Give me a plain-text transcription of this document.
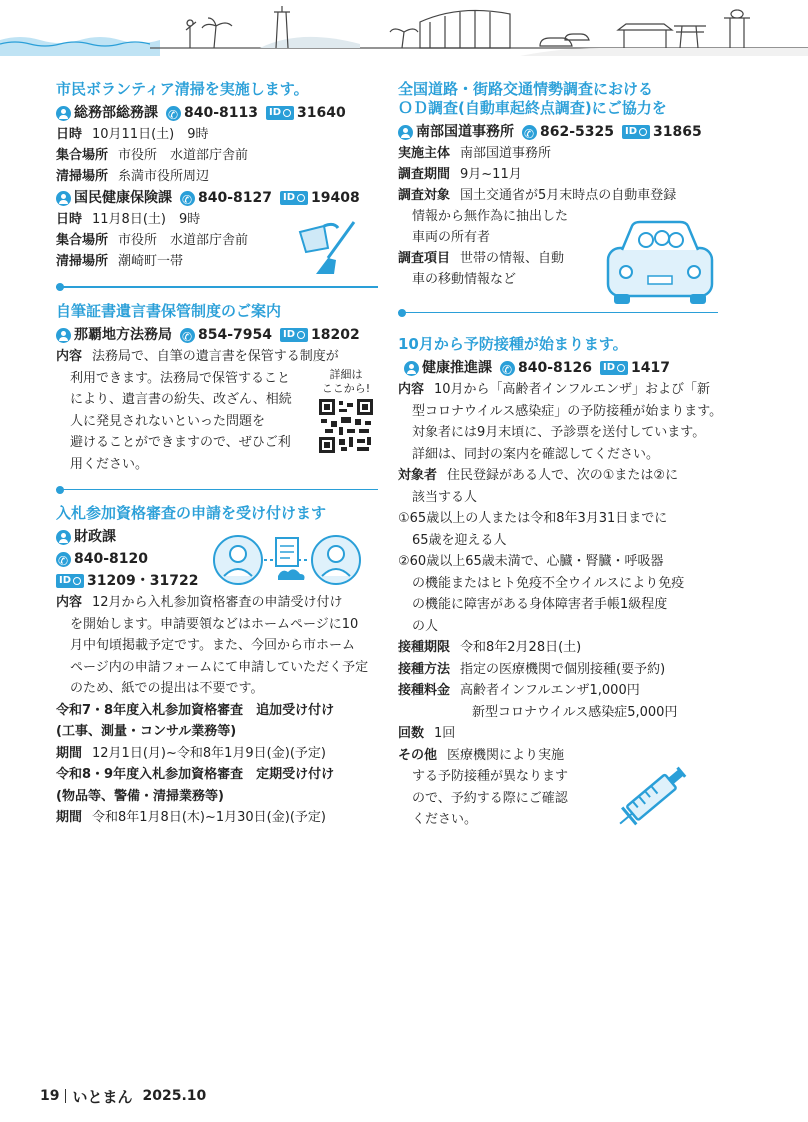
市民ボランティア清掃を実施します。
総務部総務課 ✆ 840-8113 ID 31640
日時 10月11日(土)　9時
集合場所 市役所　水道部庁舎前
清掃場所 糸満市役所周辺
国民健康保険課 ✆ 840-8127 ID 19408
日時 11月8日(土)　9時
集合場所 市役所　水道部庁舎前
清掃場所 潮崎町一帯
自筆証書遺言書保管制度のご案内
那覇地方法務局 ✆ 854-7954 ID 18202
内容 法務局で、自筆の遺言書を保管する制度が
利用できます。法務局で保管すること
により、遺言書の紛失、改ざん、相続
人に発見されないといった問題を
避けることができますので、ぜひご利
用ください。
詳細は
ここから!
入札参加資格審査の申請を受け付けます
財政課
✆
840-8120
ID 31209・31722
内容 12月から入札参加資格審査の申請受け付け
を開始します。申請要領などはホームページに10
月中旬頃掲載予定です。また、今回から市ホーム
ページ内の申請フォームにて申請していただく予定
のため、紙での提出は不要です。
令和7・8年度入札参加資格審査　追加受け付け
(工事、測量・コンサル業務等)
期間 12月1日(月)~令和8年1月9日(金)(予定)
令和8・9年度入札参加資格審査　定期受け付け
(物品等、警備・清掃業務等)
期間 令和8年1月8日(木)~1月30日(金)(予定)
全国道路・街路交通情勢調査における
ＯＤ調査(自動車起終点調査)にご協力を
南部国道事務所 ✆ 862-5325 ID 31865
実施主体 南部国道事務所
調査期間 9月~11月
調査対象 国土交通省が5月末時点の自動車登録
情報から無作為に抽出した
車両の所有者
調査項目 世帯の情報、自動
車の移動情報など
10月から予防接種が始まります。
健康推進課 ✆ 840-8126 ID 1417
内容 10月から「高齢者インフルエンザ」および「新
型コロナウイルス感染症」の予防接種が始まります。
対象者には9月末頃に、予診票を送付しています。
詳細は、同封の案内を確認してください。
対象者 住民登録がある人で、次の①または②に
該当する人
①65歳以上の人または令和8年3月31日までに
65歳を迎える人
②60歳以上65歳未満で、心臓・腎臓・呼吸器
の機能またはヒト免疫不全ウイルスにより免疫
の機能に障害がある身体障害者手帳1級程度
の人
接種期限 令和8年2月28日(土)
接種方法 指定の医療機関で個別接種(要予約)
接種料金 高齢者インフルエンザ1,000円
新型コロナウイルス感染症5,000円
回数 1回
その他 医療機関により実施
する予防接種が異なります
ので、予約する際にご確認
ください。
19 いとまん 2025.10
